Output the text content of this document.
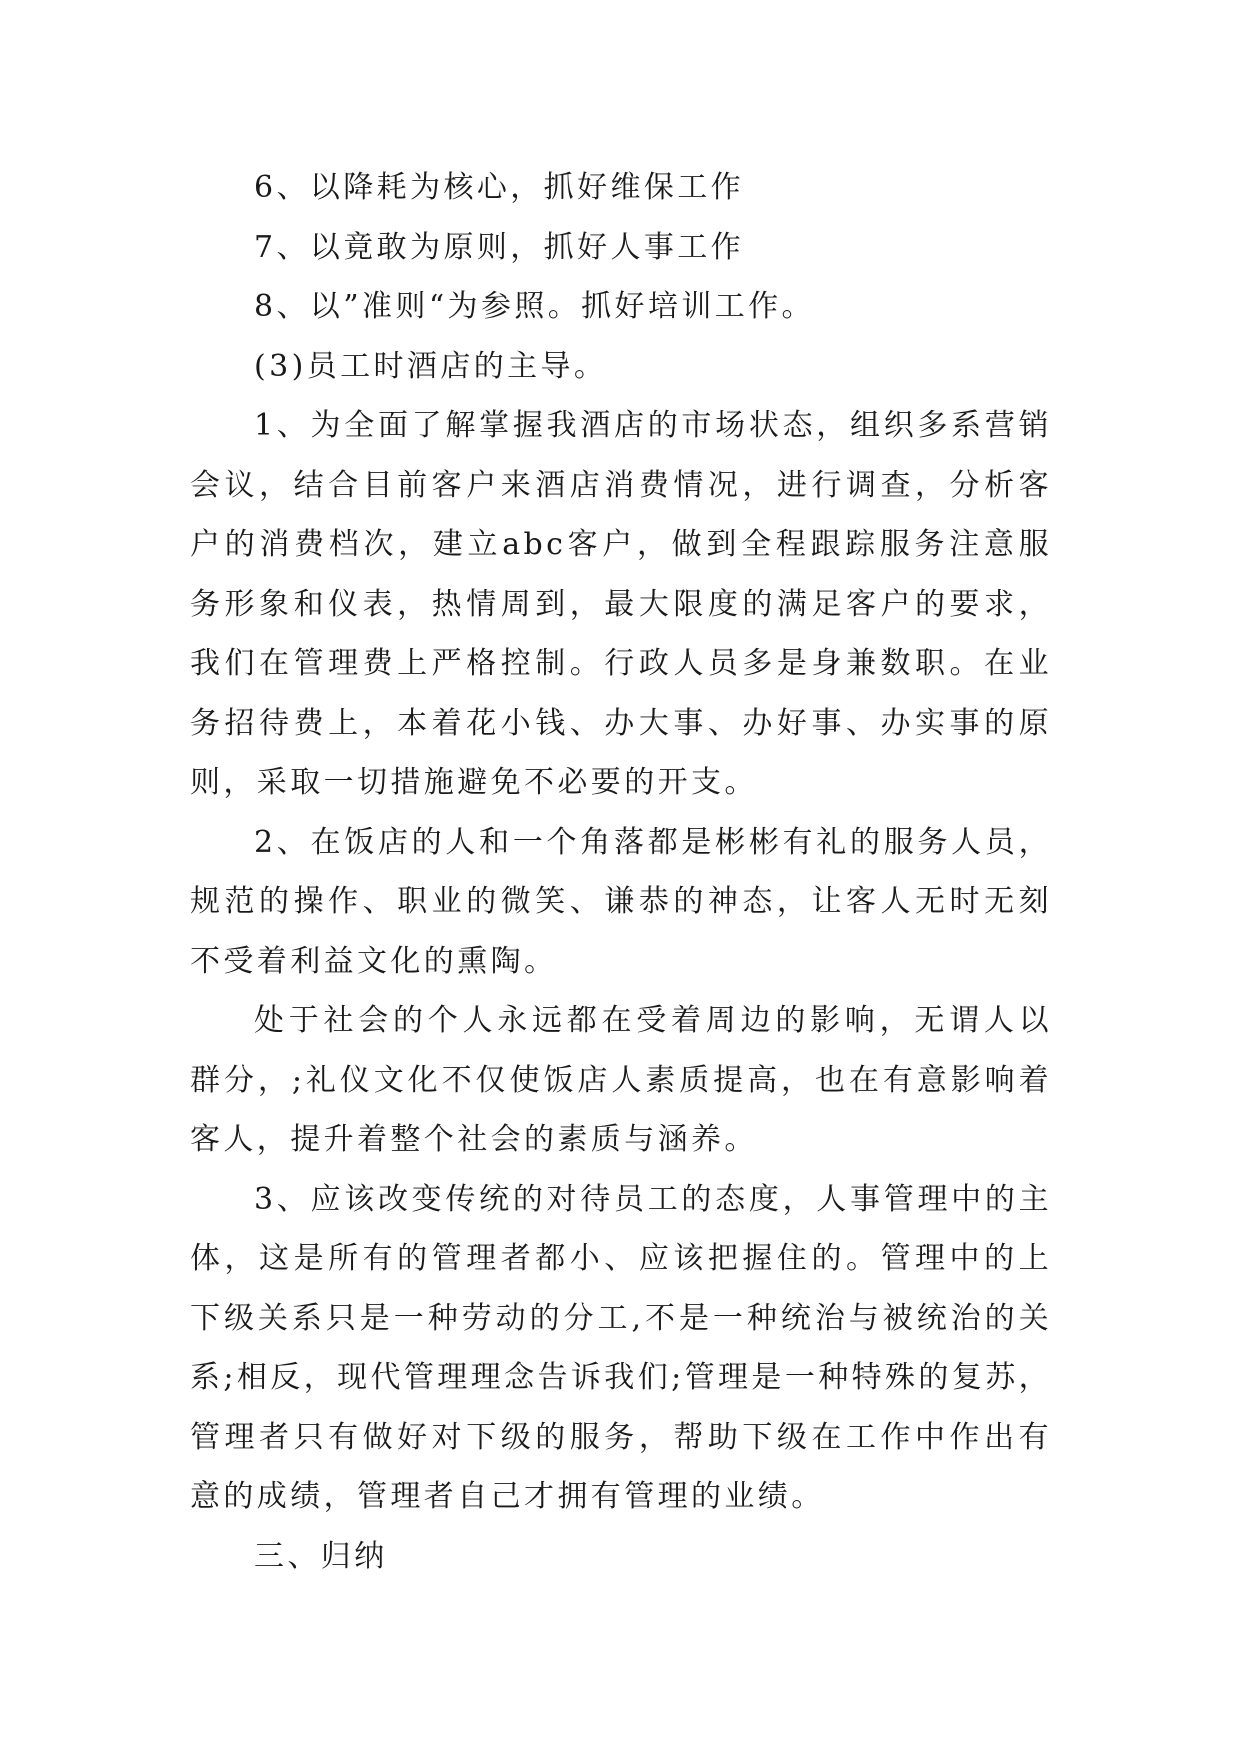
6、以降耗为核心，抓好维保工作

7、以竟敢为原则，抓好人事工作

8、以”准则“为参照。抓好培训工作。

(3)员工时酒店的主导。

1、为全面了解掌握我酒店的市场状态，组织多系营销会议，结合目前客户来酒店消费情况，进行调查，分析客户的消费档次，建立abc客户，做到全程跟踪服务注意服务形象和仪表，热情周到，最大限度的满足客户的要求，我们在管理费上严格控制。行政人员多是身兼数职。在业务招待费上，本着花小钱、办大事、办好事、办实事的原则，采取一切措施避免不必要的开支。

2、在饭店的人和一个角落都是彬彬有礼的服务人员，规范的操作、职业的微笑、谦恭的神态，让客人无时无刻不受着利益文化的熏陶。

处于社会的个人永远都在受着周边的影响，无谓人以群分，;礼仪文化不仅使饭店人素质提高，也在有意影响着客人，提升着整个社会的素质与涵养。

3、应该改变传统的对待员工的态度，人事管理中的主体，这是所有的管理者都小、应该把握住的。管理中的上下级关系只是一种劳动的分工,不是一种统治与被统治的关系;相反，现代管理理念告诉我们;管理是一种特殊的复苏，管理者只有做好对下级的服务，帮助下级在工作中作出有意的成绩，管理者自己才拥有管理的业绩。

三、归纳
